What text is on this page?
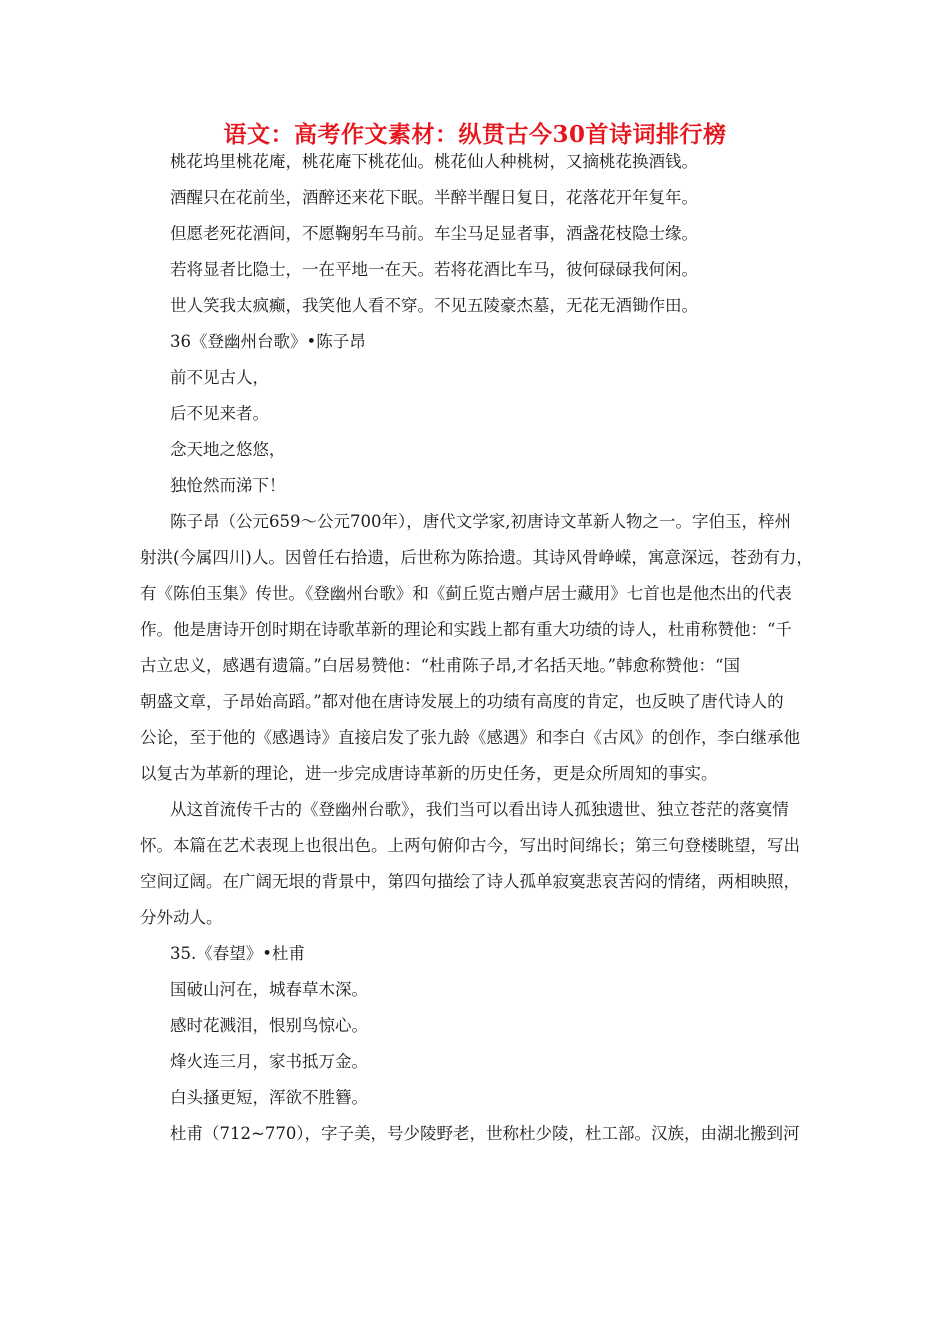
语文：高考作文素材：纵贯古今30首诗词排行榜
桃花坞里桃花庵，桃花庵下桃花仙。桃花仙人种桃树，又摘桃花换酒钱。
酒醒只在花前坐，酒醉还来花下眠。半醉半醒日复日，花落花开年复年。
但愿老死花酒间，不愿鞠躬车马前。车尘马足显者事，酒盏花枝隐士缘。
若将显者比隐士，一在平地一在天。若将花酒比车马，彼何碌碌我何闲。
世人笑我太疯癫，我笑他人看不穿。不见五陵豪杰墓，无花无酒锄作田。
36《登幽州台歌》•陈子昂
前不见古人，
后不见来者。
念天地之悠悠，
独怆然而涕下！
陈子昂（公元659～公元700年），唐代文学家,初唐诗文革新人物之一。字伯玉，梓州
射洪(今属四川)人。因曾任右拾遗，后世称为陈拾遗。其诗风骨峥嵘，寓意深远，苍劲有力，
有《陈伯玉集》传世。《登幽州台歌》和《蓟丘览古赠卢居士藏用》七首也是他杰出的代表
作。他是唐诗开创时期在诗歌革新的理论和实践上都有重大功绩的诗人，杜甫称赞他：“千
古立忠义，感遇有遗篇。”白居易赞他：“杜甫陈子昂,才名括天地。”韩愈称赞他：“国
朝盛文章，子昂始高蹈。”都对他在唐诗发展上的功绩有高度的肯定，也反映了唐代诗人的
公论，至于他的《感遇诗》直接启发了张九龄《感遇》和李白《古风》的创作，李白继承他
以复古为革新的理论，进一步完成唐诗革新的历史任务，更是众所周知的事实。
从这首流传千古的《登幽州台歌》，我们当可以看出诗人孤独遗世、独立苍茫的落寞情
怀。本篇在艺术表现上也很出色。上两句俯仰古今，写出时间绵长；第三句登楼眺望，写出
空间辽阔。在广阔无垠的背景中，第四句描绘了诗人孤单寂寞悲哀苦闷的情绪，两相映照，
分外动人。
35.《春望》•杜甫
国破山河在，城春草木深。
感时花溅泪，恨别鸟惊心。
烽火连三月，家书抵万金。
白头搔更短，浑欲不胜簪。
杜甫（712~770），字子美，号少陵野老，世称杜少陵，杜工部。汉族，由湖北搬到河
